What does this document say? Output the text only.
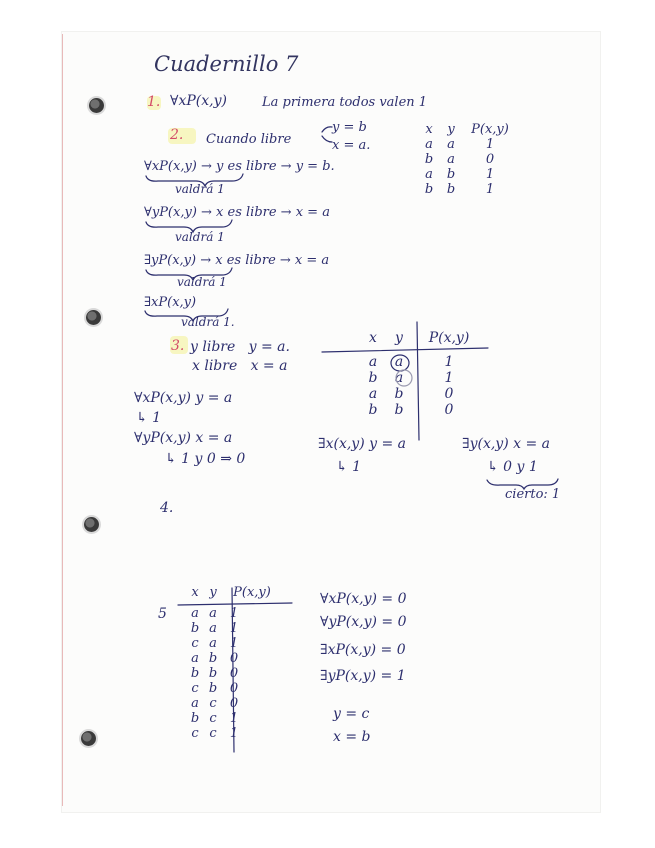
Cuadernillo 7
1. ∀xP(x,y)	La primera todos valen 1
2. Cuando libre
y = b
x = a.
x	y	P(x,y)
a	a	1
b	a	0
a	b	1
b	b	1
∀xP(x,y) → y es libre → y = b.
valdrá 1
∀yP(x,y) → x es libre → x = a
valdrá 1
∃yP(x,y) → x es libre → x = a
valdrá 1
∃xP(x,y)
valdrá 1.
3. y libre   y = a.
x libre   x = a
x	y	P(x,y)
a	a	1
b	a	1
a	b	0
b	b	0
∀xP(x,y) y = a
↳ 1
∀yP(x,y) x = a
↳ 1 y 0 ⇒ 0
∃x(x,y) y = a
↳ 1
∃y(x,y) x = a
↳ 0 y 1
cierto: 1
4.
5
x y	P(x,y)
a a 1
b a 1
c a 1
a b 0
b b 0
c b 0
a c	0
b c	1
c c	1
∀xP(x,y) = 0
∀yP(x,y) = 0
∃xP(x,y) = 0
∃yP(x,y) = 1
y = c
x = b
